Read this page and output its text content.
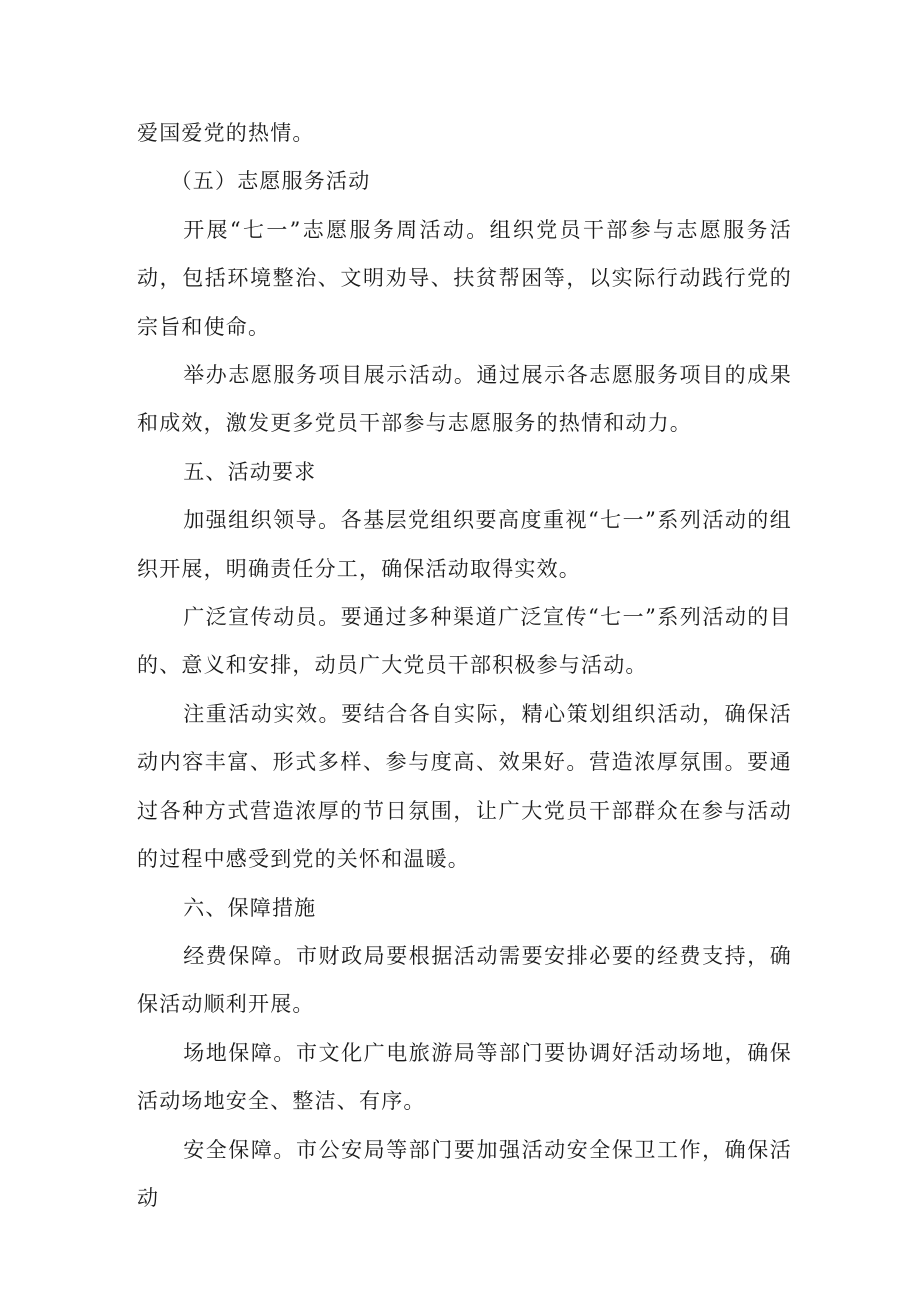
爱国爱党的热情。

（五）志愿服务活动

开展“七一”志愿服务周活动。组织党员干部参与志愿服务活动，包括环境整治、文明劝导、扶贫帮困等，以实际行动践行党的宗旨和使命。

举办志愿服务项目展示活动。通过展示各志愿服务项目的成果和成效，激发更多党员干部参与志愿服务的热情和动力。

五、活动要求

加强组织领导。各基层党组织要高度重视“七一”系列活动的组织开展，明确责任分工，确保活动取得实效。

广泛宣传动员。要通过多种渠道广泛宣传“七一”系列活动的目的、意义和安排，动员广大党员干部积极参与活动。

注重活动实效。要结合各自实际，精心策划组织活动，确保活动内容丰富、形式多样、参与度高、效果好。营造浓厚氛围。要通过各种方式营造浓厚的节日氛围，让广大党员干部群众在参与活动的过程中感受到党的关怀和温暖。

六、保障措施

经费保障。市财政局要根据活动需要安排必要的经费支持，确保活动顺利开展。

场地保障。市文化广电旅游局等部门要协调好活动场地，确保活动场地安全、整洁、有序。

安全保障。市公安局等部门要加强活动安全保卫工作，确保活动
